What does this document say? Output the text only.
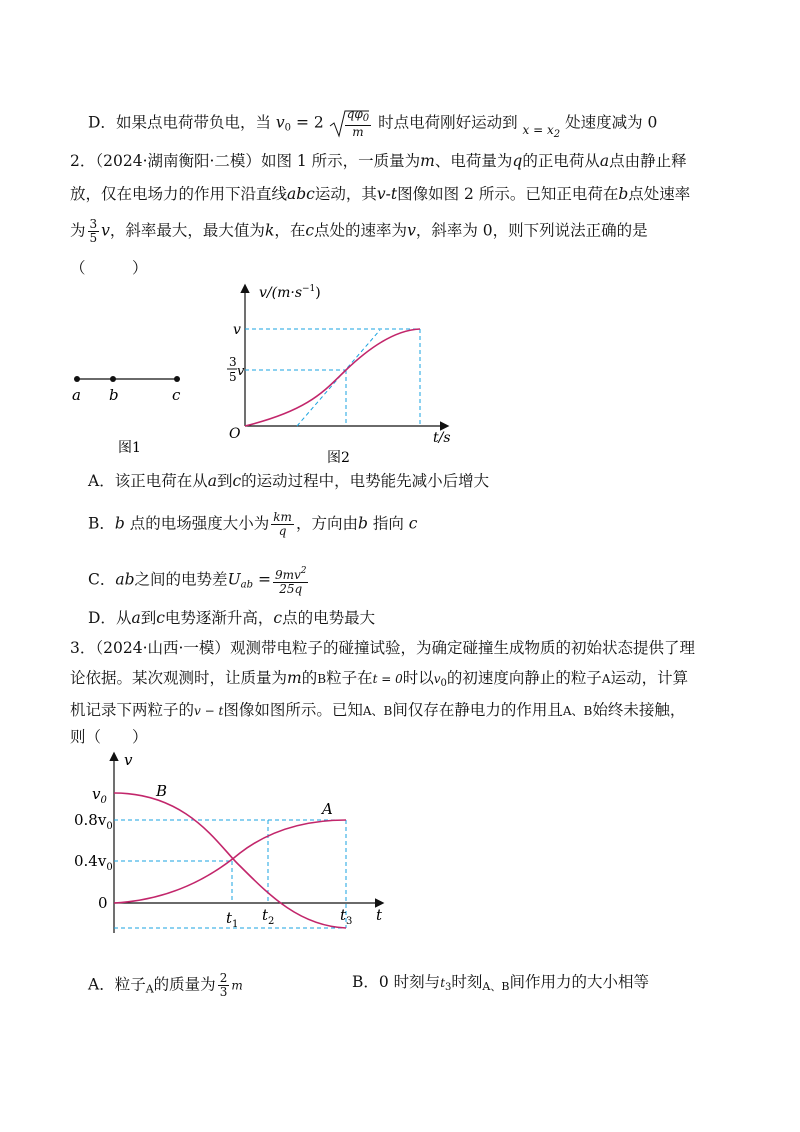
D．如果点电荷带负电，当 $v_0 = 2 \frac{q\varphi_0}{m}$ 时点电荷刚好运动到 $_{x = x_2}$ 处速度减为 0
2．（2024·湖南衡阳·二模）如图 1 所示，一质量为m、电荷量为q的正电荷从a点由静止释
放，仅在电场力的作用下沿直线abc运动，其v-t图像如图 2 所示。已知正电荷在b点处速率
为 $\frac{3}{5}$ v，斜率最大，最大值为k，在c点处的速率为v，斜率为 0，则下列说法正确的是
（　　　）
a b	c
图1
$v/(m\cdot s^{-1})$
v
3
5 v
O	t/s
图2
A．该正电荷在从a到c的运动过程中，电势能先减小后增大
B．b 点的电场强度大小为 $\frac{km}{q}$ ，方向由b 指向 c
C．ab之间的电势差$U_{ab} = \frac{9mv^2}{25q}$
D．从a到c电势逐渐升高，c点的电势最大
3．（2024·山西·一模）观测带电粒子的碰撞试验，为确定碰撞生成物质的初始状态提供了理
论依据。某次观测时，让质量为m的B粒子在t = 0时以$v_0$的初速度向静止的粒子A运动，计算
机记录下两粒子的v − t图像如图所示。已知A、B间仅存在静电力的作用且A、B始终未接触，
则（　　）
v
t
$v_0$
$0.8v_0$
$0.4v_0$
0
$t_1$
$t_2$	$t_3$
B
A
A．粒子$_A$的质量为 $\frac{2}{3}$ m	B．0 时刻与$t_3$时刻$_{A、B}$间作用力的大小相等
